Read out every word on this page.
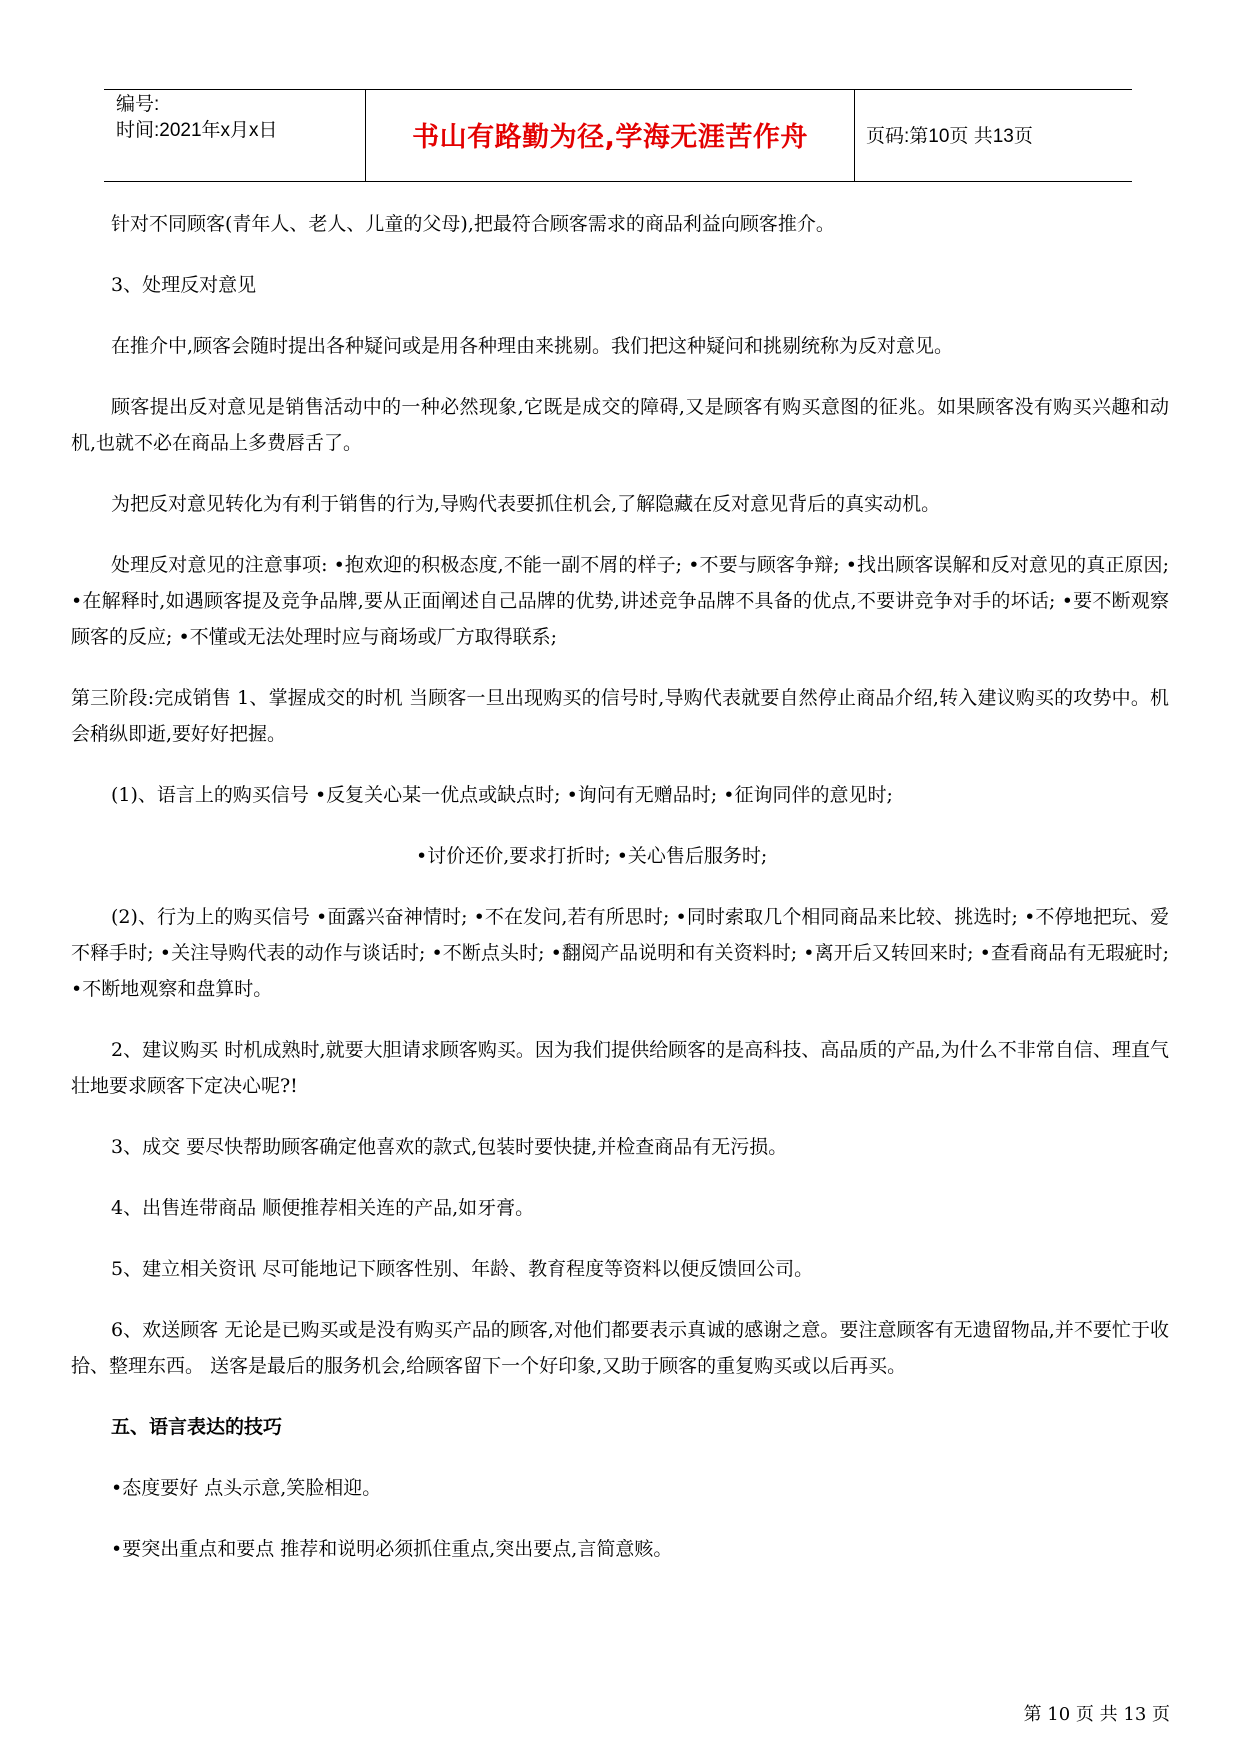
编号:
时间:2021年x月x日	书山有路勤为径,学海无涯苦作舟	页码:第10页 共13页

针对不同顾客(青年人、老人、儿童的父母),把最符合顾客需求的商品利益向顾客推介。

3、处理反对意见

在推介中,顾客会随时提出各种疑问或是用各种理由来挑剔。我们把这种疑问和挑剔统称为反对意见。

顾客提出反对意见是销售活动中的一种必然现象,它既是成交的障碍,又是顾客有购买意图的征兆。如果顾客没有购买兴趣和动机,也就不必在商品上多费唇舌了。

为把反对意见转化为有利于销售的行为,导购代表要抓住机会,了解隐藏在反对意见背后的真实动机。

处理反对意见的注意事项: •抱欢迎的积极态度,不能一副不屑的样子; •不要与顾客争辩; •找出顾客误解和反对意见的真正原因; •在解释时,如遇顾客提及竞争品牌,要从正面阐述自己品牌的优势,讲述竞争品牌不具备的优点,不要讲竞争对手的坏话; •要不断观察顾客的反应; •不懂或无法处理时应与商场或厂方取得联系;

第三阶段:完成销售 1、掌握成交的时机 当顾客一旦出现购买的信号时,导购代表就要自然停止商品介绍,转入建议购买的攻势中。机会稍纵即逝,要好好把握。

(1)、语言上的购买信号 •反复关心某一优点或缺点时; •询问有无赠品时; •征询同伴的意见时;

•讨价还价,要求打折时; •关心售后服务时;

(2)、行为上的购买信号 •面露兴奋神情时; •不在发问,若有所思时; •同时索取几个相同商品来比较、挑选时; •不停地把玩、爱不释手时; •关注导购代表的动作与谈话时; •不断点头时; •翻阅产品说明和有关资料时; •离开后又转回来时; •查看商品有无瑕疵时; •不断地观察和盘算时。

2、建议购买 时机成熟时,就要大胆请求顾客购买。因为我们提供给顾客的是高科技、高品质的产品,为什么不非常自信、理直气壮地要求顾客下定决心呢?!

3、成交 要尽快帮助顾客确定他喜欢的款式,包装时要快捷,并检查商品有无污损。

4、出售连带商品 顺便推荐相关连的产品,如牙膏。

5、建立相关资讯 尽可能地记下顾客性别、年龄、教育程度等资料以便反馈回公司。

6、欢送顾客 无论是已购买或是没有购买产品的顾客,对他们都要表示真诚的感谢之意。要注意顾客有无遗留物品,并不要忙于收拾、整理东西。 送客是最后的服务机会,给顾客留下一个好印象,又助于顾客的重复购买或以后再买。

五、语言表达的技巧

•态度要好 点头示意,笑脸相迎。

•要突出重点和要点 推荐和说明必须抓住重点,突出要点,言简意赅。

第 10 页 共 13 页
